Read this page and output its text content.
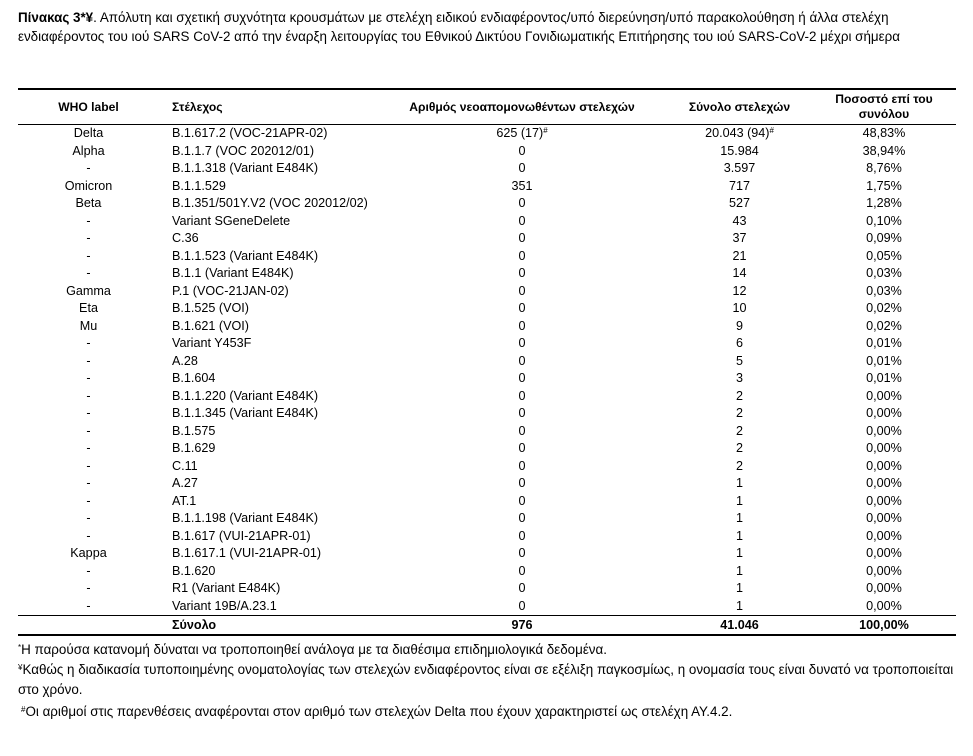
Πίνακας 3*¥. Απόλυτη και σχετική συχνότητα κρουσμάτων με στελέχη ειδικού ενδιαφέροντος/υπό διερεύνηση/υπό παρακολούθηση ή άλλα στελέχη ενδιαφέροντος του ιού SARS CoV-2 από την έναρξη λειτουργίας του Εθνικού Δικτύου Γονιδιωματικής Επιτήρησης του ιού SARS-CoV-2 μέχρι σήμερα
WHO label	Στέλεχος	Αριθμός νεοαπομονωθέντων στελεχών	Σύνολο στελεχών	Ποσοστό επί του συνόλου
Delta	B.1.617.2 (VOC-21APR-02)	625 (17)#	20.043 (94)#	48,83%
Alpha	B.1.1.7 (VOC 202012/01)	0	15.984	38,94%
-	B.1.1.318 (Variant E484K)	0	3.597	8,76%
Omicron	B.1.1.529	351	717	1,75%
Beta	B.1.351/501Y.V2 (VOC 202012/02)	0	527	1,28%
-	Variant SGeneDelete	0	43	0,10%
-	C.36	0	37	0,09%
-	B.1.1.523 (Variant E484K)	0	21	0,05%
-	B.1.1 (Variant E484K)	0	14	0,03%
Gamma	P.1 (VOC-21JAN-02)	0	12	0,03%
Eta	B.1.525 (VOI)	0	10	0,02%
Mu	B.1.621 (VOI)	0	9	0,02%
-	Variant Y453F	0	6	0,01%
-	A.28	0	5	0,01%
-	B.1.604	0	3	0,01%
-	B.1.1.220 (Variant E484K)	0	2	0,00%
-	B.1.1.345 (Variant E484K)	0	2	0,00%
-	B.1.575	0	2	0,00%
-	B.1.629	0	2	0,00%
-	C.11	0	2	0,00%
-	A.27	0	1	0,00%
-	AT.1	0	1	0,00%
-	B.1.1.198 (Variant E484K)	0	1	0,00%
-	B.1.617 (VUI-21APR-01)	0	1	0,00%
Kappa	B.1.617.1 (VUI-21APR-01)	0	1	0,00%
-	B.1.620	0	1	0,00%
-	R1 (Variant E484K)	0	1	0,00%
-	Variant 19B/A.23.1	0	1	0,00%
	Σύνολο	976	41.046	100,00%

*Η παρούσα κατανομή δύναται να τροποποιηθεί ανάλογα με τα διαθέσιμα επιδημιολογικά δεδομένα.

¥Καθώς η διαδικασία τυποποιημένης ονοματολογίας των στελεχών ενδιαφέροντος είναι σε εξέλιξη παγκοσμίως, η ονομασία τους είναι δυνατό να τροποποιείται στο χρόνο.

#Οι αριθμοί στις παρενθέσεις αναφέρονται στον αριθμό των στελεχών Delta που έχουν χαρακτηριστεί ως στελέχη ΑΥ.4.2.
